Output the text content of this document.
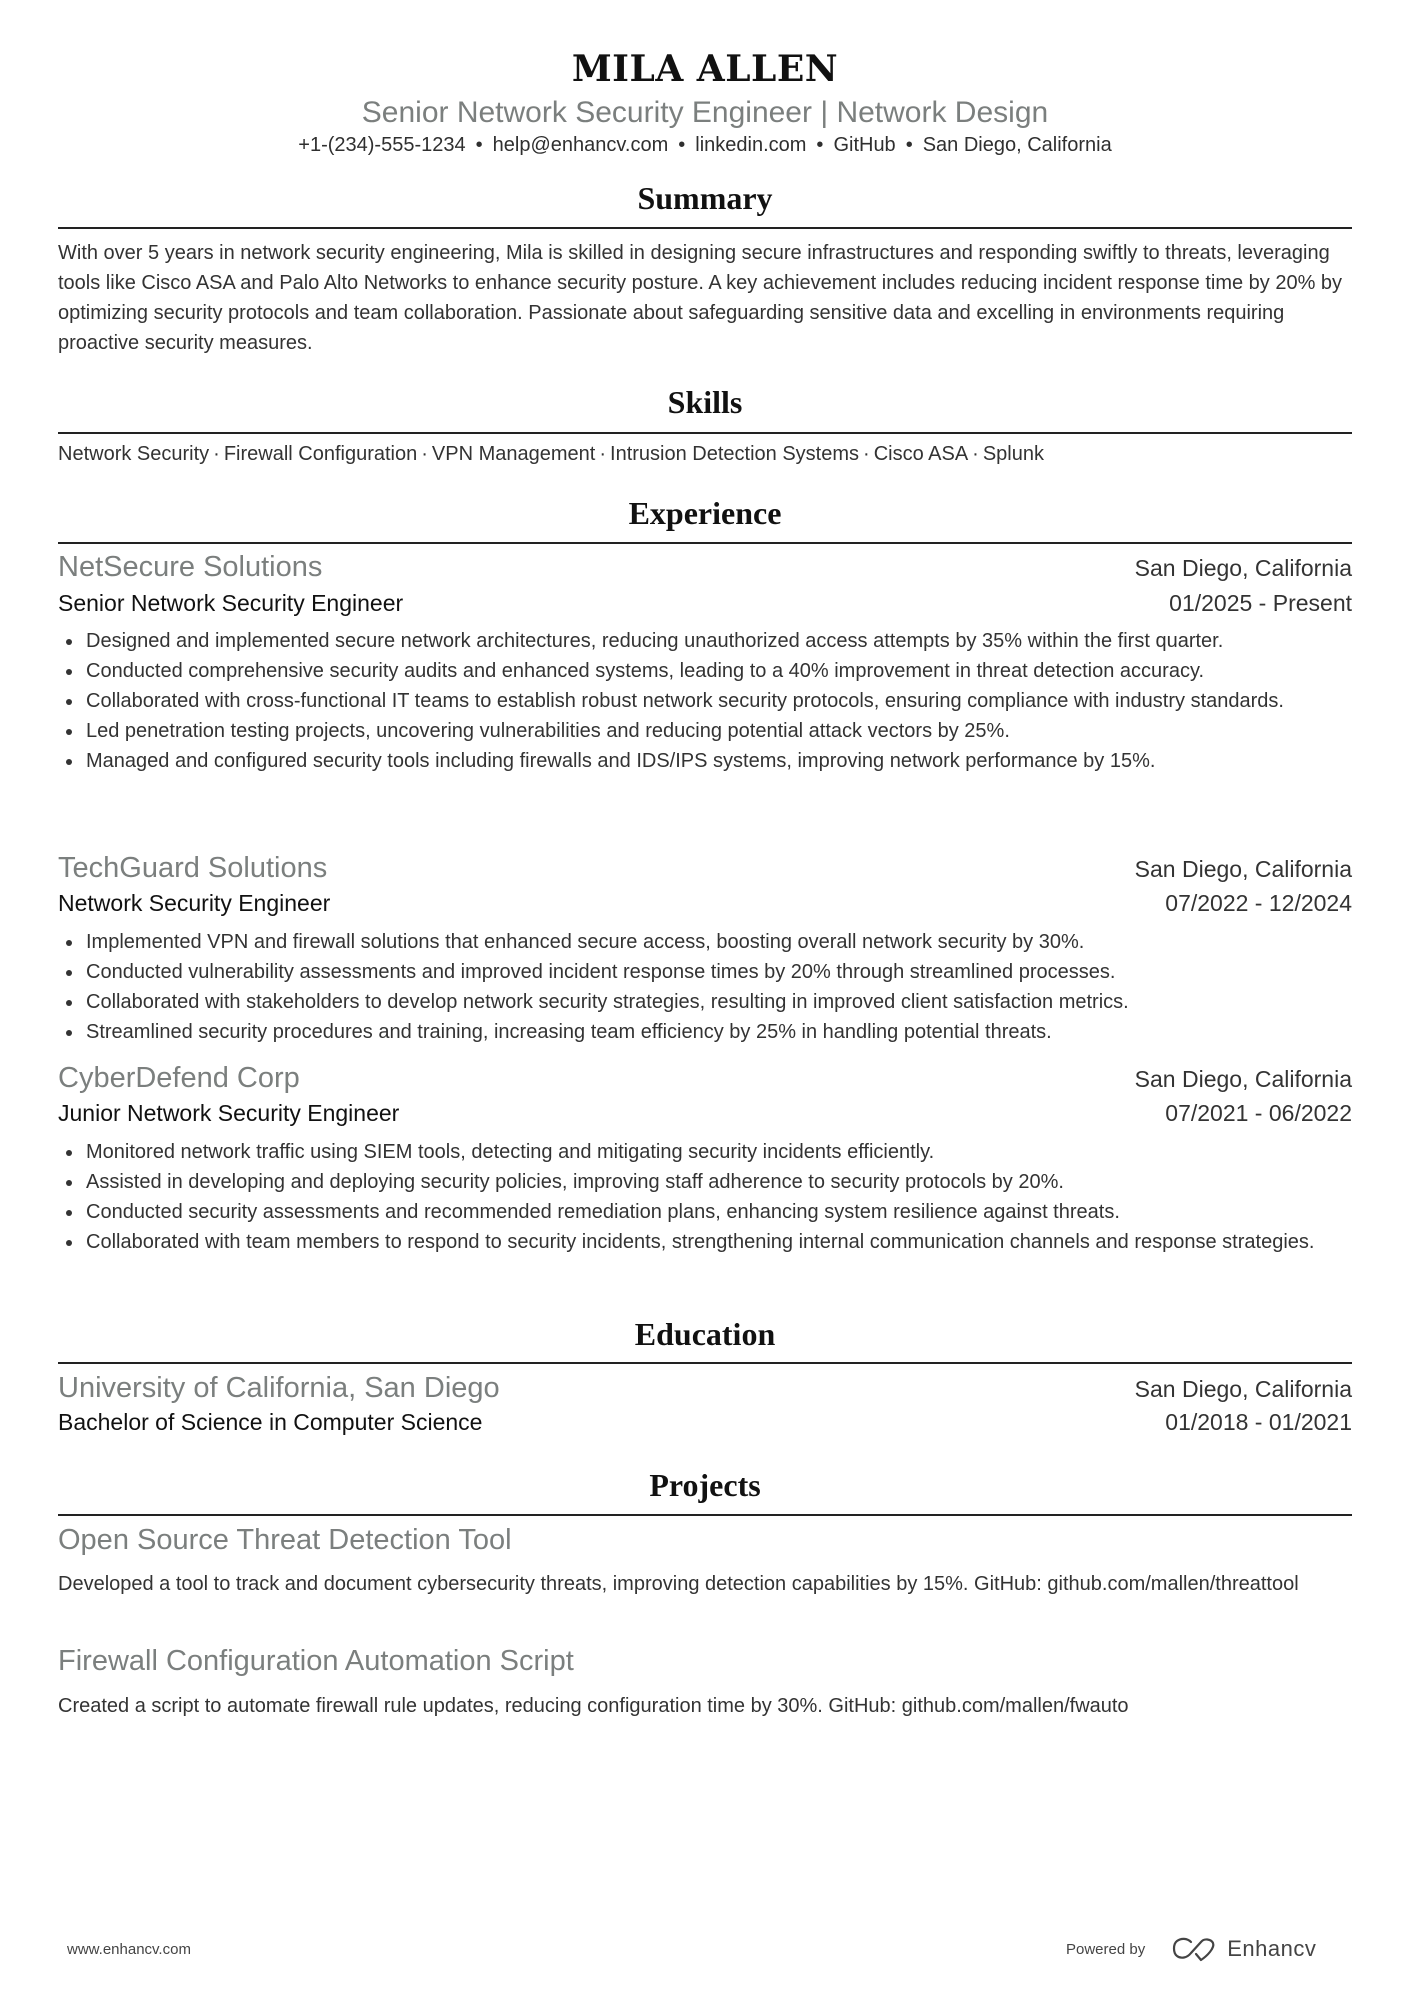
MILA ALLEN
Senior Network Security Engineer | Network Design
+1-(234)-555-1234 • help@enhancv.com • linkedin.com • GitHub • San Diego, California
Summary
With over 5 years in network security engineering, Mila is skilled in designing secure infrastructures and responding swiftly to threats, leveraging tools like Cisco ASA and Palo Alto Networks to enhance security posture. A key achievement includes reducing incident response time by 20% by optimizing security protocols and team collaboration. Passionate about safeguarding sensitive data and excelling in environments requiring proactive security measures.
Skills
Network Security · Firewall Configuration · VPN Management · Intrusion Detection Systems · Cisco ASA · Splunk
Experience
NetSecure Solutions	San Diego, California
Senior Network Security Engineer	01/2025 - Present
Designed and implemented secure network architectures, reducing unauthorized access attempts by 35% within the first quarter.
Conducted comprehensive security audits and enhanced systems, leading to a 40% improvement in threat detection accuracy.
Collaborated with cross-functional IT teams to establish robust network security protocols, ensuring compliance with industry standards.
Led penetration testing projects, uncovering vulnerabilities and reducing potential attack vectors by 25%.
Managed and configured security tools including firewalls and IDS/IPS systems, improving network performance by 15%.
TechGuard Solutions	San Diego, California
Network Security Engineer	07/2022 - 12/2024
Implemented VPN and firewall solutions that enhanced secure access, boosting overall network security by 30%.
Conducted vulnerability assessments and improved incident response times by 20% through streamlined processes.
Collaborated with stakeholders to develop network security strategies, resulting in improved client satisfaction metrics.
Streamlined security procedures and training, increasing team efficiency by 25% in handling potential threats.
CyberDefend Corp	San Diego, California
Junior Network Security Engineer	07/2021 - 06/2022
Monitored network traffic using SIEM tools, detecting and mitigating security incidents efficiently.
Assisted in developing and deploying security policies, improving staff adherence to security protocols by 20%.
Conducted security assessments and recommended remediation plans, enhancing system resilience against threats.
Collaborated with team members to respond to security incidents, strengthening internal communication channels and response strategies.
Education
University of California, San Diego	San Diego, California
Bachelor of Science in Computer Science	01/2018 - 01/2021
Projects
Open Source Threat Detection Tool
Developed a tool to track and document cybersecurity threats, improving detection capabilities by 15%. GitHub: github.com/mallen/threattool
Firewall Configuration Automation Script
Created a script to automate firewall rule updates, reducing configuration time by 30%. GitHub: github.com/mallen/fwauto
www.enhancv.com	Powered by	Enhancv
